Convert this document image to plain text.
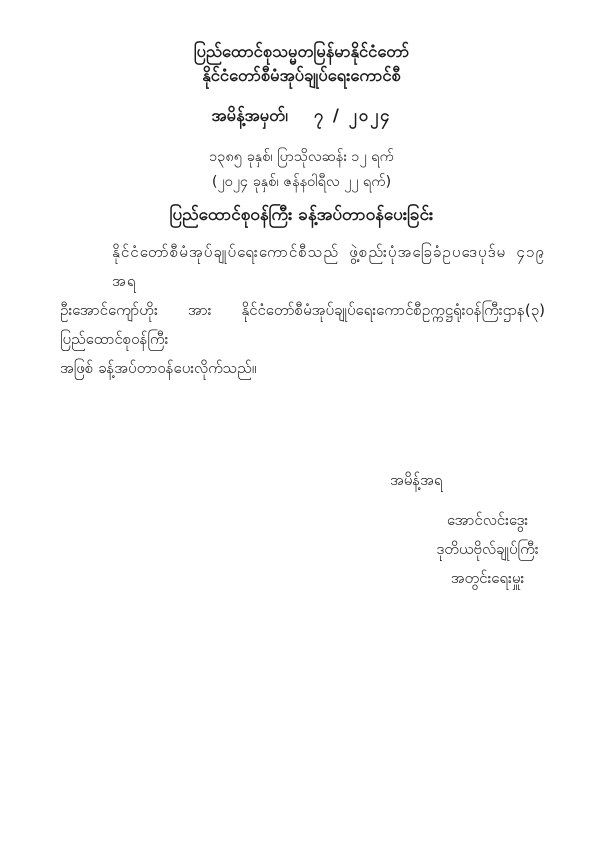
ပြည်ထောင်စုသမ္မတမြန်မာနိုင်ငံတော်
နိုင်ငံတော်စီမံအုပ်ချုပ်ရေးကောင်စီ
အမိန့်အမှတ်၊ ၇ / ၂၀၂၄
၁၃၈၅ ခုနှစ်၊ ပြာသိုလဆန်း ၁၂ ရက်
(၂၀၂၄ ခုနှစ်၊ ဇန်နဝါရီလ ၂၂ ရက်)
ပြည်ထောင်စုဝန်ကြီး ခန့်အပ်တာဝန်ပေးခြင်း
နိုင်ငံတော်စီမံအုပ်ချုပ်ရေးကောင်စီသည် ဖွဲ့စည်းပုံအခြေခံဥပဒေပုဒ်မ ၄၁၉ အရ
ဦးအောင်ကျော်ဟိုး အား နိုင်ငံတော်စီမံအုပ်ချုပ်ရေးကောင်စီဥက္ကဋ္ဌရုံးဝန်ကြီးဌာန(၃) ပြည်ထောင်စုဝန်ကြီး
အဖြစ် ခန့်အပ်တာဝန်ပေးလိုက်သည်။
အမိန့်အရ
အောင်လင်းဒွေး
ဒုတိယဗိုလ်ချုပ်ကြီး
အတွင်းရေးမှူး
